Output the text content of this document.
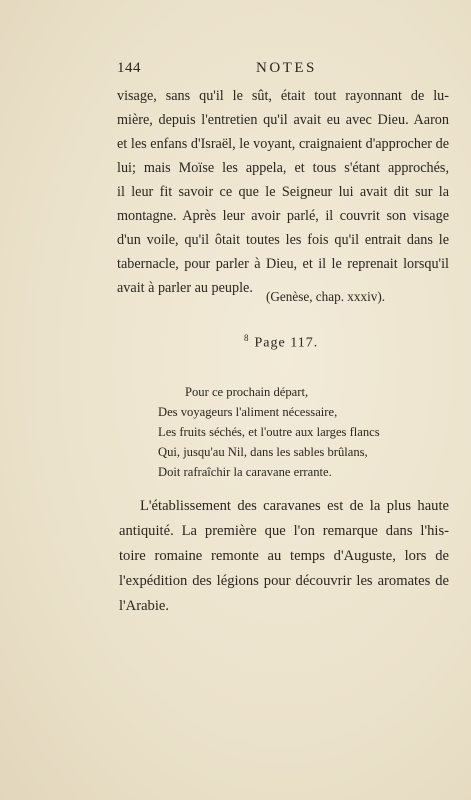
144	NOTES
visage, sans qu'il le sût, était tout rayonnant de lu-
mière, depuis l'entretien qu'il avait eu avec Dieu. Aaron
et les enfans d'Israël, le voyant, craignaient d'approcher de
lui; mais Moïse les appela, et tous s'étant approchés,
il leur fit savoir ce que le Seigneur lui avait dit sur la
montagne. Après leur avoir parlé, il couvrit son visage
d'un voile, qu'il ôtait toutes les fois qu'il entrait dans le
tabernacle, pour parler à Dieu, et il le reprenait lorsqu'il
avait à parler au peuple.
(Genèse, chap. xxxiv).
$^8$ Page 117.
Pour ce prochain départ,
Des voyageurs l'aliment nécessaire,
Les fruits séchés, et l'outre aux larges flancs
Qui, jusqu'au Nil, dans les sables brûlans,
Doit rafraîchir la caravane errante.
L'établissement des caravanes est de la plus haute
antiquité. La première que l'on remarque dans l'his-
toire romaine remonte au temps d'Auguste, lors de
l'expédition des légions pour découvrir les aromates de
l'Arabie.
